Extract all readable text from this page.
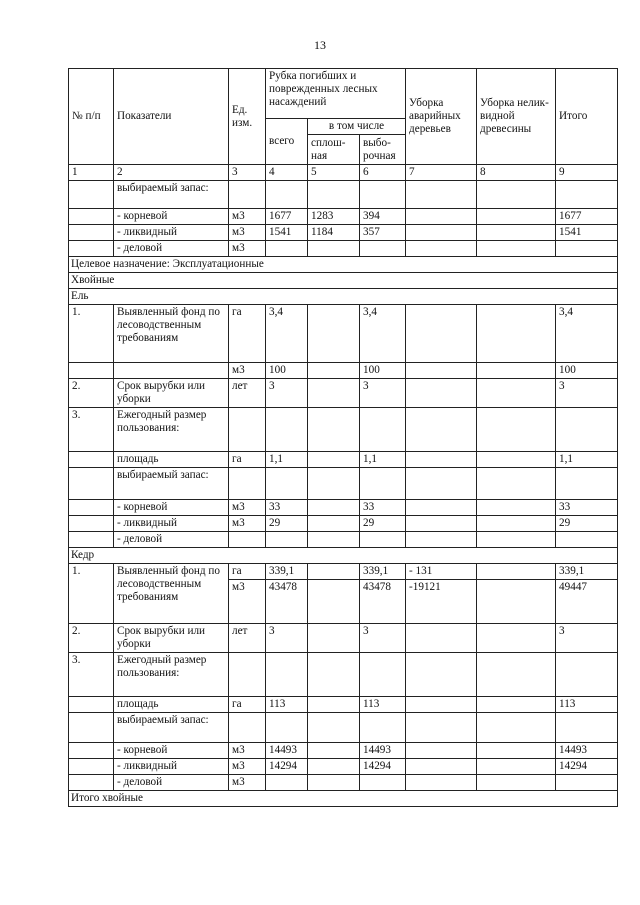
13
№ п/п	Показатели	Ед. изм.	Рубка погибших и поврежденных лесных насаждений			Уборка аварийных деревьев	Уборка нелик-видной древесины	Итого
			всего	в том числе				
				сплош-ная	выбо-рочная			
1	2	3	4	5	6	7	8	9
	выбираемый запас:							
	- корневой	м3	1677	1283	394			1677
	- ликвидный	м3	1541	1184	357			1541
	- деловой	м3						
Целевое назначение: Эксплуатационные								
Хвойные								
Ель								
1.	Выявленный фонд по лесоводственным требованиям	га	3,4		3,4			3,4
		м3	100		100			100
2.	Срок вырубки или уборки	лет	3		3			3
3.	Ежегодный размер пользования:							
	площадь	га	1,1		1,1			1,1
	выбираемый запас:							
	- корневой	м3	33		33			33
	- ликвидный	м3	29		29			29
	- деловой							
Кедр								
1.	Выявленный фонд по лесоводственным требованиям	га	339,1		339,1	- 131		339,1
		м3	43478		43478	-19121		49447
2.	Срок вырубки или уборки	лет	3		3			3
3.	Ежегодный размер пользования:							
	площадь	га	113		113			113
	выбираемый запас:							
	- корневой	м3	14493		14493			14493
	- ликвидный	м3	14294		14294			14294
	- деловой	м3						
Итого хвойные								
